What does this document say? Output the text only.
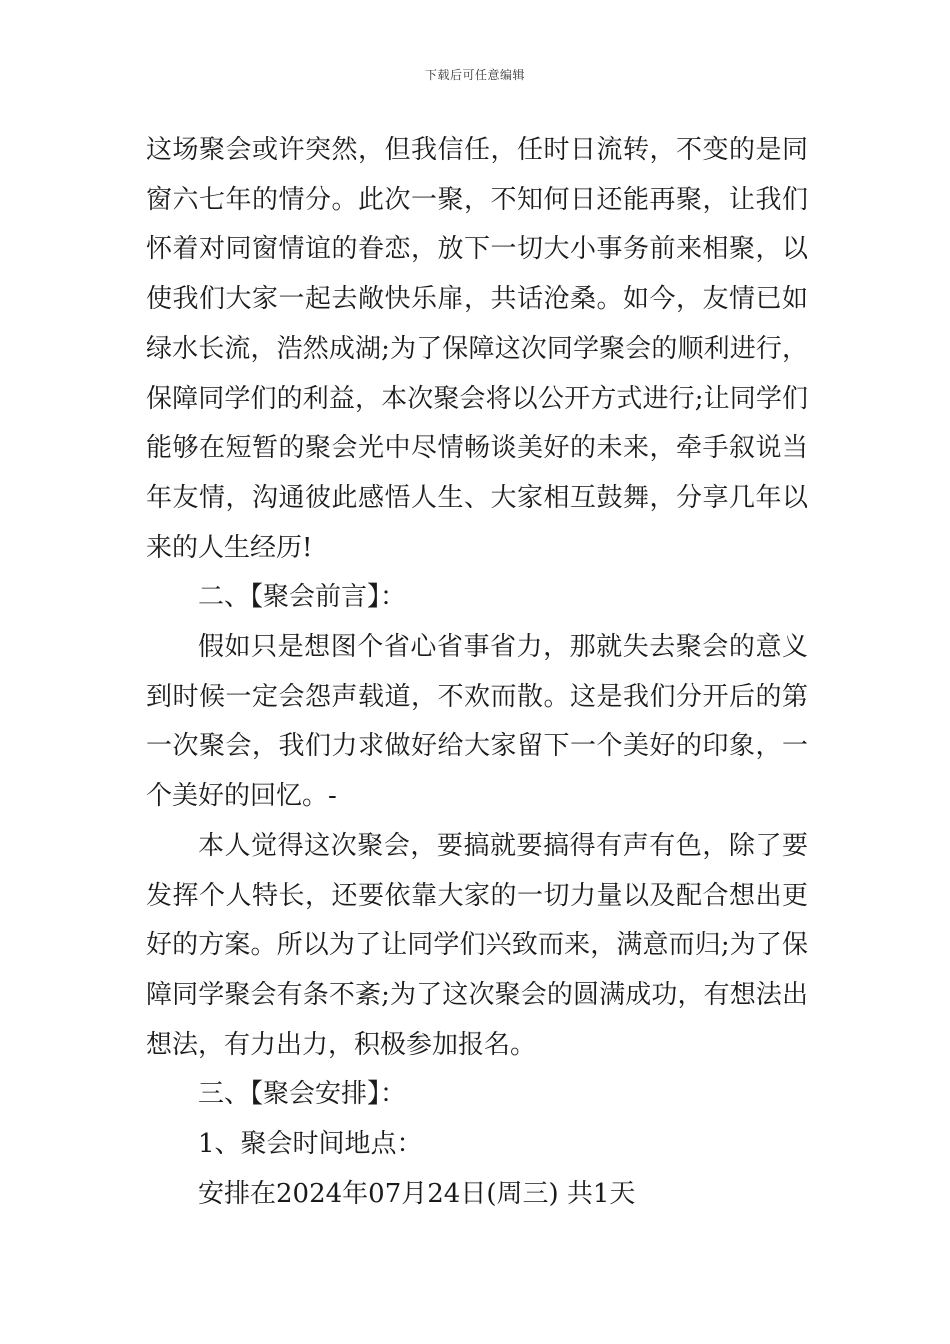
下载后可任意编辑

这场聚会或许突然，但我信任，任时日流转，不变的是同窗六七年的情分。此次一聚，不知何日还能再聚，让我们怀着对同窗情谊的眷恋，放下一切大小事务前来相聚，以使我们大家一起去敞快乐扉，共话沧桑。如今，友情已如绿水长流，浩然成湖;为了保障这次同学聚会的顺利进行，保障同学们的利益，本次聚会将以公开方式进行;让同学们能够在短暂的聚会光中尽情畅谈美好的未来，牵手叙说当年友情，沟通彼此感悟人生、大家相互鼓舞，分享几年以来的人生经历!

二、【聚会前言】：

假如只是想图个省心省事省力，那就失去聚会的意义到时候一定会怨声载道，不欢而散。这是我们分开后的第一次聚会，我们力求做好给大家留下一个美好的印象，一个美好的回忆。-

本人觉得这次聚会，要搞就要搞得有声有色，除了要发挥个人特长，还要依靠大家的一切力量以及配合想出更好的方案。所以为了让同学们兴致而来，满意而归;为了保障同学聚会有条不紊;为了这次聚会的圆满成功，有想法出想法，有力出力，积极参加报名。

三、【聚会安排】：

1、聚会时间地点：

安排在2024年07月24日(周三) 共1天
